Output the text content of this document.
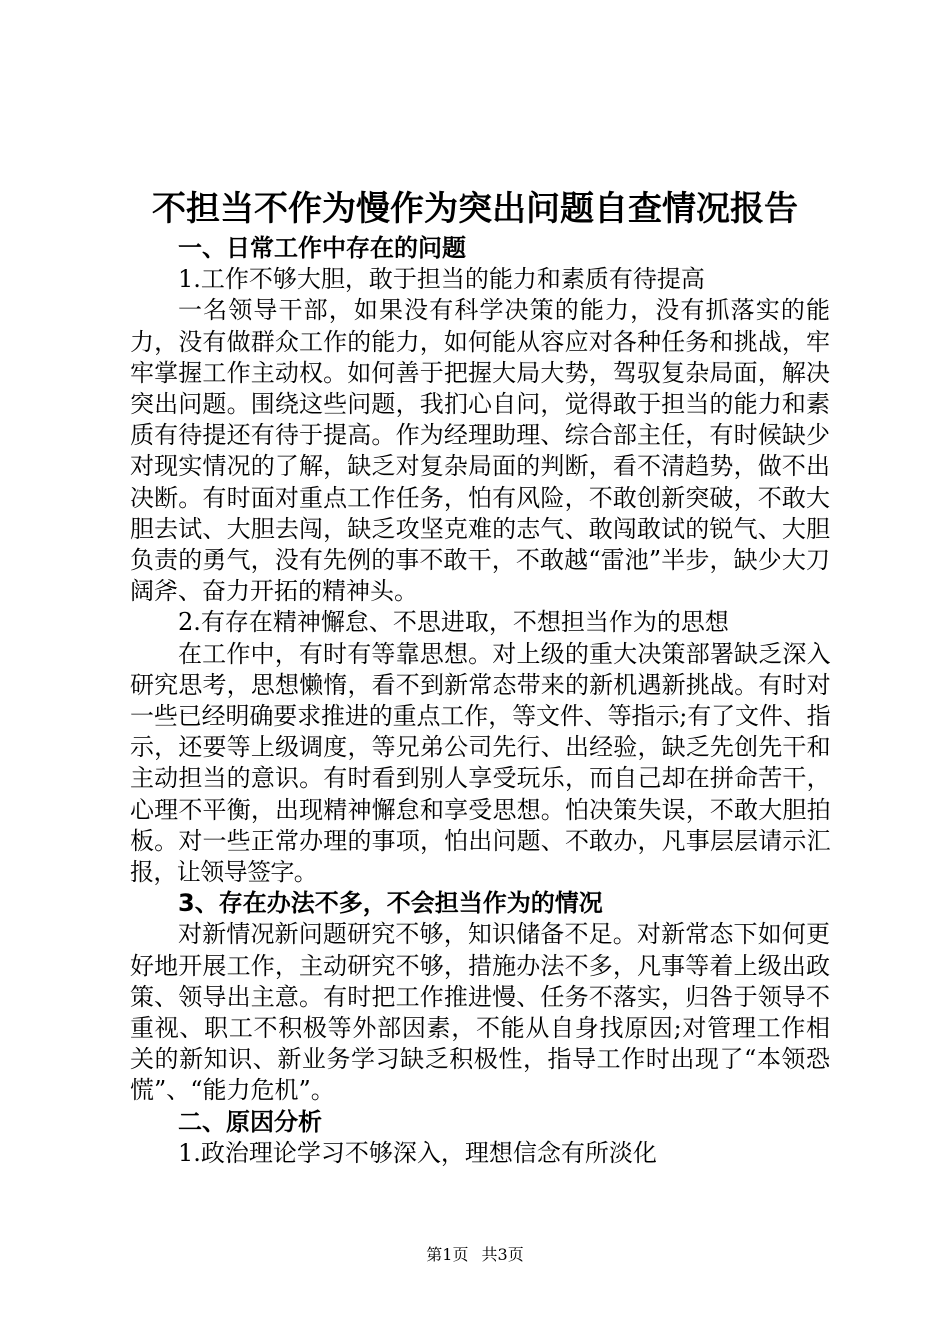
不担当不作为慢作为突出问题自查情况报告

一、日常工作中存在的问题

1.工作不够大胆，敢于担当的能力和素质有待提高

一名领导干部，如果没有科学决策的能力，没有抓落实的能力，没有做群众工作的能力，如何能从容应对各种任务和挑战，牢牢掌握工作主动权。如何善于把握大局大势，驾驭复杂局面，解决突出问题。围绕这些问题，我扪心自问，觉得敢于担当的能力和素质有待提还有待于提高。作为经理助理、综合部主任，有时候缺少对现实情况的了解，缺乏对复杂局面的判断，看不清趋势，做不出决断。有时面对重点工作任务，怕有风险，不敢创新突破，不敢大胆去试、大胆去闯，缺乏攻坚克难的志气、敢闯敢试的锐气、大胆负责的勇气，没有先例的事不敢干，不敢越“雷池”半步，缺少大刀阔斧、奋力开拓的精神头。

2.有存在精神懈怠、不思进取，不想担当作为的思想

在工作中，有时有等靠思想。对上级的重大决策部署缺乏深入研究思考，思想懒惰，看不到新常态带来的新机遇新挑战。有时对一些已经明确要求推进的重点工作，等文件、等指示;有了文件、指示，还要等上级调度，等兄弟公司先行、出经验，缺乏先创先干和主动担当的意识。有时看到别人享受玩乐，而自己却在拼命苦干，心理不平衡，出现精神懈怠和享受思想。怕决策失误，不敢大胆拍板。对一些正常办理的事项，怕出问题、不敢办，凡事层层请示汇报，让领导签字。

3、存在办法不多，不会担当作为的情况

对新情况新问题研究不够，知识储备不足。对新常态下如何更好地开展工作，主动研究不够，措施办法不多，凡事等着上级出政策、领导出主意。有时把工作推进慢、任务不落实，归咎于领导不重视、职工不积极等外部因素，不能从自身找原因;对管理工作相关的新知识、新业务学习缺乏积极性，指导工作时出现了“本领恐慌”、“能力危机”。

二、原因分析

1.政治理论学习不够深入，理想信念有所淡化

第1页 共3页
